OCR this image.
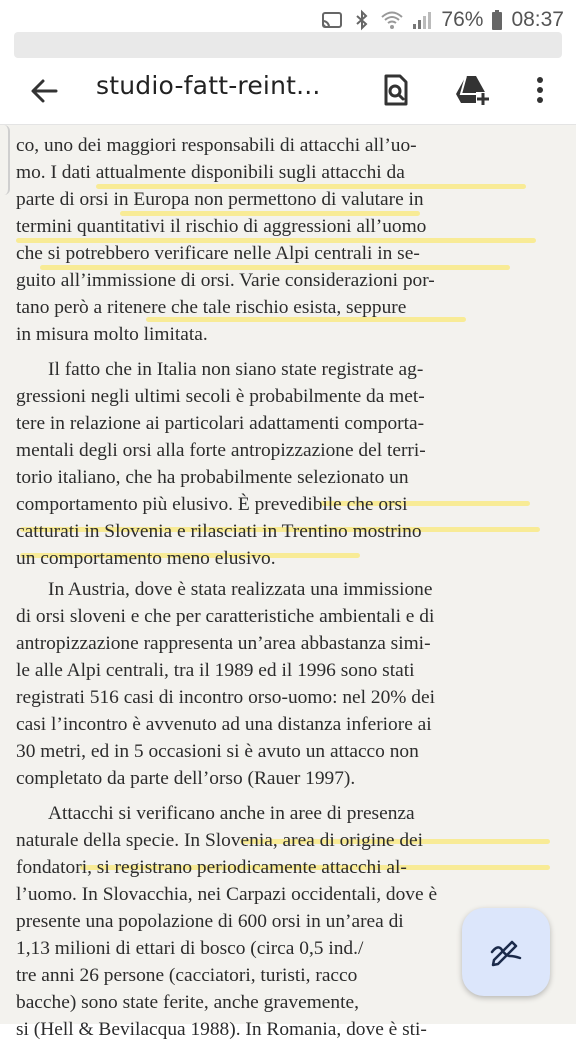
76% 08:37
studio-fatt-reint...
co, uno dei maggiori responsabili di attacchi all’uo-
mo. I dati attualmente disponibili sugli attacchi da
parte di orsi in Europa non permettono di valutare in
termini quantitativi il rischio di aggressioni all’uomo
che si potrebbero verificare nelle Alpi centrali in se-
guito all’immissione di orsi. Varie considerazioni por-
tano però a ritenere che tale rischio esista, seppure
in misura molto limitata.
Il fatto che in Italia non siano state registrate ag-
gressioni negli ultimi secoli è probabilmente da met-
tere in relazione ai particolari adattamenti comporta-
mentali degli orsi alla forte antropizzazione del terri-
torio italiano, che ha probabilmente selezionato un
comportamento più elusivo. È prevedibile che orsi
catturati in Slovenia e rilasciati in Trentino mostrino
un comportamento meno elusivo.
In Austria, dove è stata realizzata una immissione
di orsi sloveni e che per caratteristiche ambientali e di
antropizzazione rappresenta un’area abbastanza simi-
le alle Alpi centrali, tra il 1989 ed il 1996 sono stati
registrati 516 casi di incontro orso-uomo: nel 20% dei
casi l’incontro è avvenuto ad una distanza inferiore ai
30 metri, ed in 5 occasioni si è avuto un attacco non
completato da parte dell’orso (Rauer 1997).
Attacchi si verificano anche in aree di presenza
naturale della specie. In Slovenia, area di origine dei
fondatori, si registrano periodicamente attacchi al-
l’uomo. In Slovacchia, nei Carpazi occidentali, dove è
presente una popolazione di 600 orsi in un’area di
1,13 milioni di ettari di bosco (circa 0,5 ind./
tre anni 26 persone (cacciatori, turisti, racco
bacche) sono state ferite, anche gravemente,
si (Hell & Bevilacqua 1988). In Romania, dove è sti-
